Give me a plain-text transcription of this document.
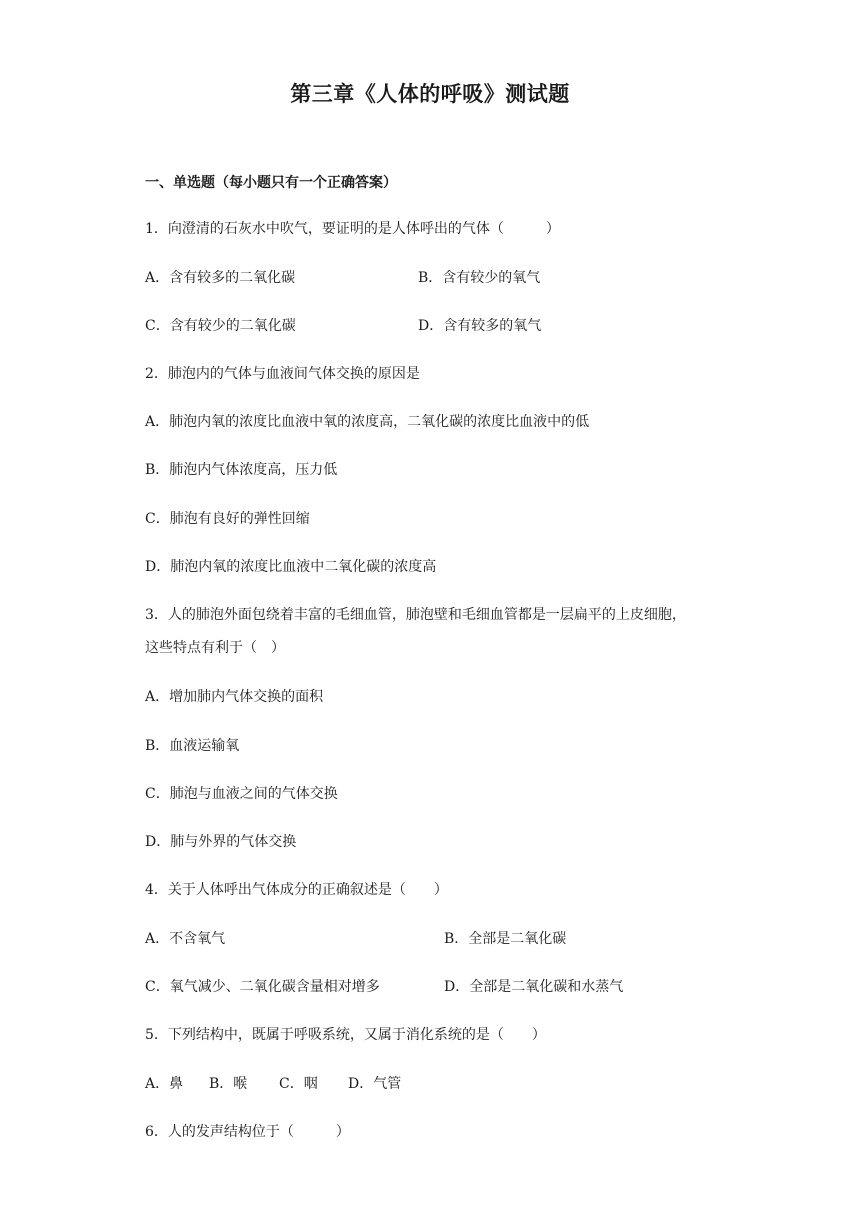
第三章《人体的呼吸》测试题
一、单选题（每小题只有一个正确答案）
1．向澄清的石灰水中吹气，要证明的是人体呼出的气体（　　　）
A．含有较多的二氧化碳	B．含有较少的氧气
C．含有较少的二氧化碳	D．含有较多的氧气
2．肺泡内的气体与血液间气体交换的原因是
A．肺泡内氧的浓度比血液中氧的浓度高，二氧化碳的浓度比血液中的低
B．肺泡内气体浓度高，压力低
C．肺泡有良好的弹性回缩
D．肺泡内氧的浓度比血液中二氧化碳的浓度高
3．人的肺泡外面包绕着丰富的毛细血管，肺泡壁和毛细血管都是一层扁平的上皮细胞，
这些特点有利于（　）
A．增加肺内气体交换的面积
B．血液运输氧
C．肺泡与血液之间的气体交换
D．肺与外界的气体交换
4．关于人体呼出气体成分的正确叙述是（　　）
A．不含氧气	B．全部是二氧化碳
C．氧气减少、二氧化碳含量相对增多	D．全部是二氧化碳和水蒸气
5．下列结构中，既属于呼吸系统，又属于消化系统的是（　　）
A．鼻 B．喉 C．咽 D．气管
6．人的发声结构位于（　　　）
